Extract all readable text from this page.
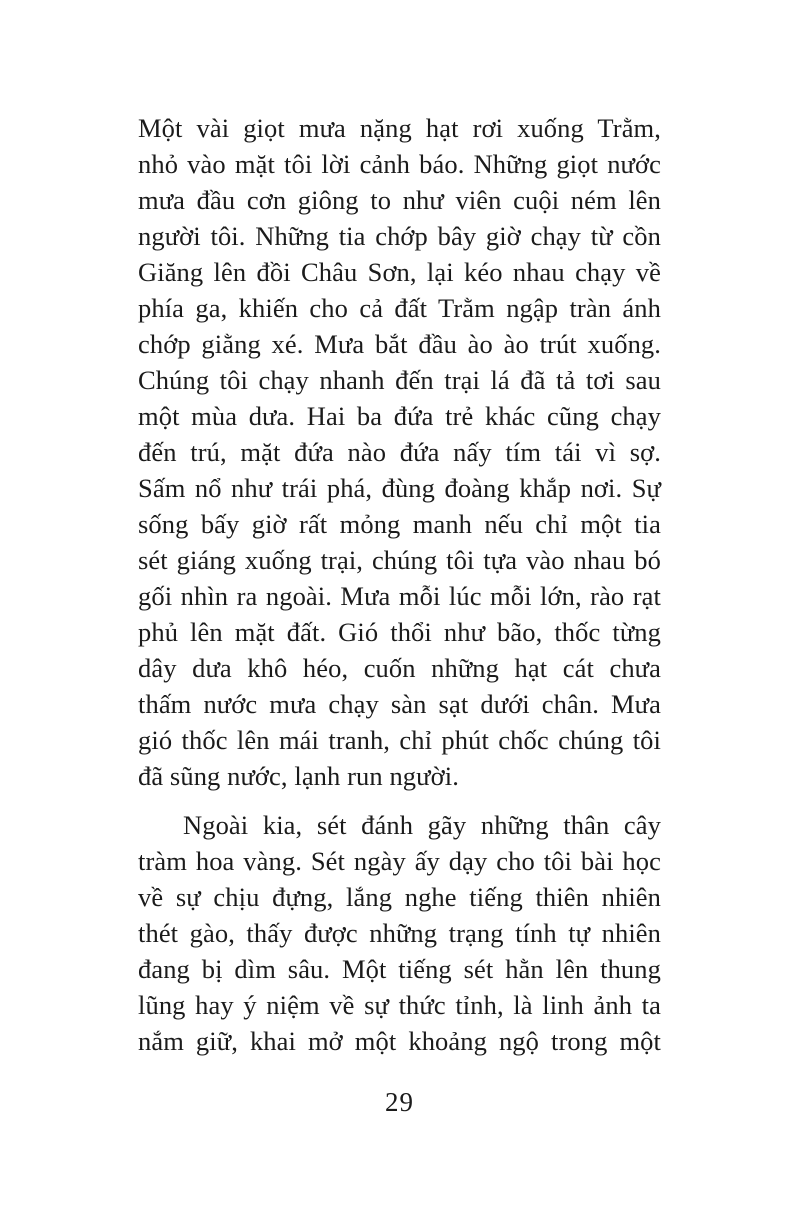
Một vài giọt mưa nặng hạt rơi xuống Trằm,
nhỏ vào mặt tôi lời cảnh báo. Những giọt nước
mưa đầu cơn giông to như viên cuội ném lên
người tôi. Những tia chớp bây giờ chạy từ cồn
Giăng lên đồi Châu Sơn, lại kéo nhau chạy về
phía ga, khiến cho cả đất Trằm ngập tràn ánh
chớp giằng xé. Mưa bắt đầu ào ào trút xuống.
Chúng tôi chạy nhanh đến trại lá đã tả tơi sau
một mùa dưa. Hai ba đứa trẻ khác cũng chạy
đến trú, mặt đứa nào đứa nấy tím tái vì sợ.
Sấm nổ như trái phá, đùng đoàng khắp nơi. Sự
sống bấy giờ rất mỏng manh nếu chỉ một tia
sét giáng xuống trại, chúng tôi tựa vào nhau bó
gối nhìn ra ngoài. Mưa mỗi lúc mỗi lớn, rào rạt
phủ lên mặt đất. Gió thổi như bão, thốc từng
dây dưa khô héo, cuốn những hạt cát chưa
thấm nước mưa chạy sàn sạt dưới chân. Mưa
gió thốc lên mái tranh, chỉ phút chốc chúng tôi
đã sũng nước, lạnh run người.
Ngoài kia, sét đánh gãy những thân cây
tràm hoa vàng. Sét ngày ấy dạy cho tôi bài học
về sự chịu đựng, lắng nghe tiếng thiên nhiên
thét gào, thấy được những trạng tính tự nhiên
đang bị dìm sâu. Một tiếng sét hằn lên thung
lũng hay ý niệm về sự thức tỉnh, là linh ảnh ta
nắm giữ, khai mở một khoảng ngộ trong một
29
